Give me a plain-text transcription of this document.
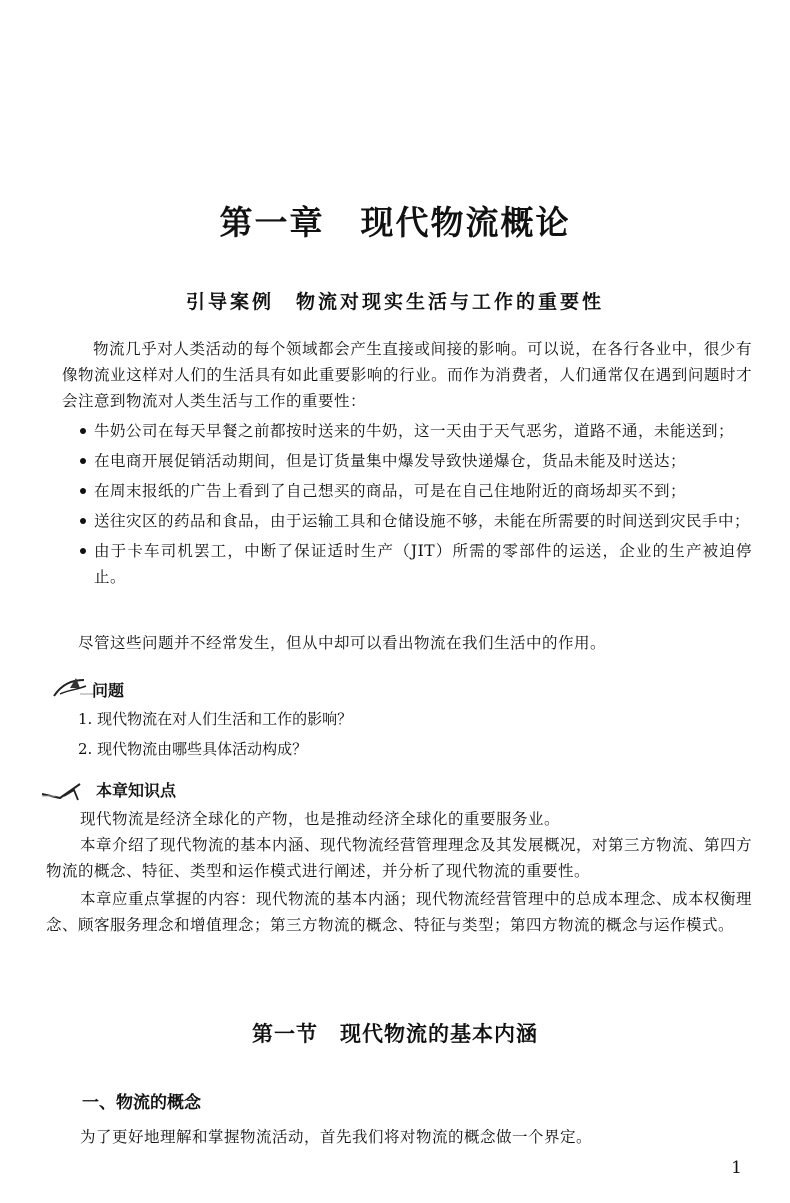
第一章 现代物流概论
引导案例 物流对现实生活与工作的重要性

物流几乎对人类活动的每个领域都会产生直接或间接的影响。可以说，在各行各业中，很少有像物流业这样对人们的生活具有如此重要影响的行业。而作为消费者，人们通常仅在遇到问题时才会注意到物流对人类生活与工作的重要性：

牛奶公司在每天早餐之前都按时送来的牛奶，这一天由于天气恶劣，道路不通，未能送到；
在电商开展促销活动期间，但是订货量集中爆发导致快递爆仓，货品未能及时送达；
在周末报纸的广告上看到了自己想买的商品，可是在自己住地附近的商场却买不到；
送往灾区的药品和食品，由于运输工具和仓储设施不够，未能在所需要的时间送到灾民手中；
由于卡车司机罢工，中断了保证适时生产（JIT）所需的零部件的运送，企业的生产被迫停止。

尽管这些问题并不经常发生，但从中却可以看出物流在我们生活中的作用。

问题
1. 现代物流在对人们生活和工作的影响？
2. 现代物流由哪些具体活动构成？
本章知识点

现代物流是经济全球化的产物，也是推动经济全球化的重要服务业。

本章介绍了现代物流的基本内涵、现代物流经营管理理念及其发展概况，对第三方物流、第四方物流的概念、特征、类型和运作模式进行阐述，并分析了现代物流的重要性。

本章应重点掌握的内容：现代物流的基本内涵；现代物流经营管理中的总成本理念、成本权衡理念、顾客服务理念和增值理念；第三方物流的概念、特征与类型；第四方物流的概念与运作模式。

第一节 现代物流的基本内涵
一、物流的概念

为了更好地理解和掌握物流活动，首先我们将对物流的概念做一个界定。

1
